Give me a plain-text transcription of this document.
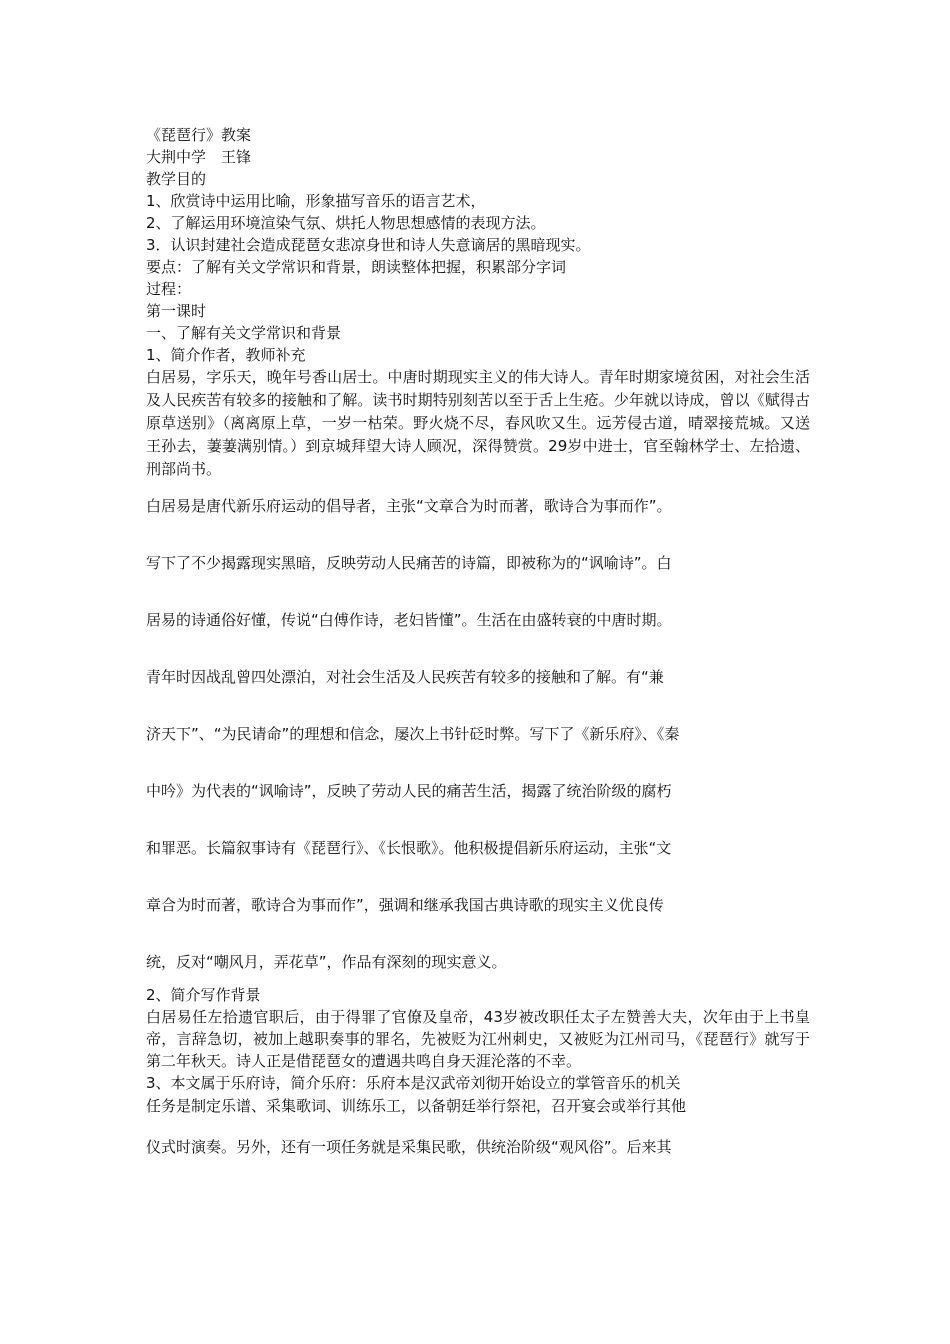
《琵琶行》教案

大荆中学　王锋

教学目的

1、欣赏诗中运用比喻，形象描写音乐的语言艺术，

2、了解运用环境渲染气氛、烘托人物思想感情的表现方法。

3．认识封建社会造成琵琶女悲凉身世和诗人失意谪居的黑暗现实。

要点：了解有关文学常识和背景，朗读整体把握，积累部分字词

过程：

第一课时

一、了解有关文学常识和背景

1、简介作者，教师补充

白居易，字乐天，晚年号香山居士。中唐时期现实主义的伟大诗人。青年时期家境贫困，对社会生活及人民疾苦有较多的接触和了解。读书时期特别刻苦以至于舌上生疮。少年就以诗成，曾以《赋得古原草送别》（离离原上草，一岁一枯荣。野火烧不尽，春风吹又生。远芳侵古道，晴翠接荒城。又送王孙去，萋萋满别情。）到京城拜望大诗人顾况，深得赞赏。29岁中进士，官至翰林学士、左拾遗、刑部尚书。

白居易是唐代新乐府运动的倡导者，主张“文章合为时而著，歌诗合为事而作”。

写下了不少揭露现实黑暗，反映劳动人民痛苦的诗篇，即被称为的“讽喻诗”。白

居易的诗通俗好懂，传说“白傅作诗，老妇皆懂”。生活在由盛转衰的中唐时期。

青年时因战乱曾四处漂泊，对社会生活及人民疾苦有较多的接触和了解。有“兼

济天下”、“为民请命”的理想和信念，屡次上书针砭时弊。写下了《新乐府》、《秦

中吟》为代表的“讽喻诗”，反映了劳动人民的痛苦生活，揭露了统治阶级的腐朽

和罪恶。长篇叙事诗有《琵琶行》、《长恨歌》。他积极提倡新乐府运动，主张“文

章合为时而著，歌诗合为事而作”，强调和继承我国古典诗歌的现实主义优良传

统，反对“嘲风月，弄花草”，作品有深刻的现实意义。

2、简介写作背景

白居易任左拾遗官职后，由于得罪了官僚及皇帝，43岁被改职任太子左赞善大夫，次年由于上书皇帝，言辞急切，被加上越职奏事的罪名，先被贬为江州刺史，又被贬为江州司马，《琵琶行》就写于第二年秋天。诗人正是借琵琶女的遭遇共鸣自身天涯沦落的不幸。

3、本文属于乐府诗，简介乐府：乐府本是汉武帝刘彻开始设立的掌管音乐的机关

任务是制定乐谱、采集歌词、训练乐工，以备朝廷举行祭祀，召开宴会或举行其他

仪式时演奏。另外，还有一项任务就是采集民歌，供统治阶级“观风俗”。后来其
